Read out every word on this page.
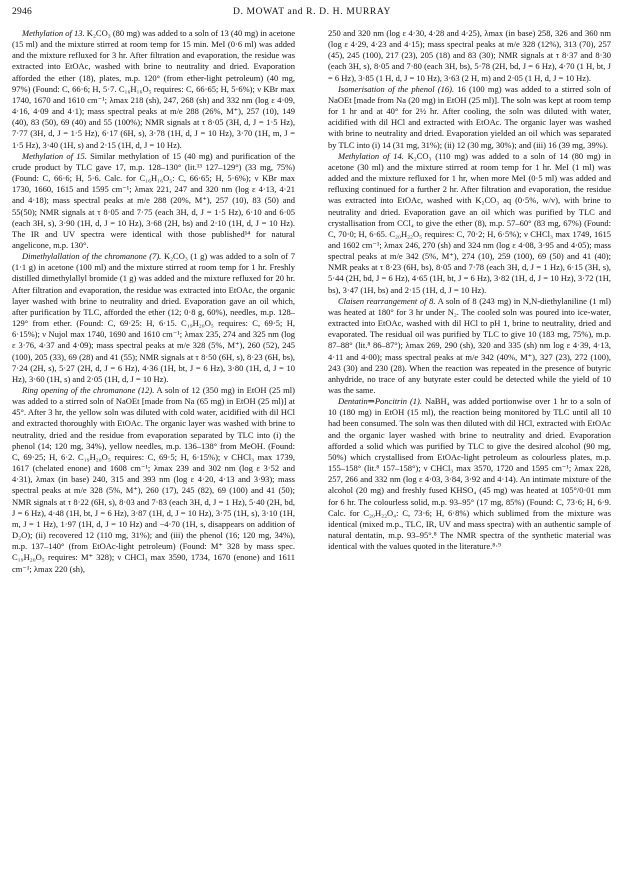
2946	D. MOWAT and R. D. H. MURRAY

Methylation of 13. K₂CO₃ (80 mg) was added to a soln of 13 (40 mg) in acetone (15 ml) and the mixture stirred at room temp for 15 min. MeI (0·6 ml) was added and the mixture refluxed for 3 hr. After filtration and evaporation, the residue was extracted into EtOAc, washed with brine to neutrality and dried. Evaporation afforded the ether (18), plates, m.p. 120° (from ether-light petroleum) (40 mg, 97%) (Found: C, 66·6; H, 5·7. C₁₆H₁₆O₅ requires: C, 66·65; H, 5·6%); ν KBr max 1740, 1670 and 1610 cm⁻¹; λmax 218 (sh), 247, 268 (sh) and 332 nm (log ε 4·09, 4·16, 4·09 and 4·1); mass spectral peaks at m/e 288 (26%, M⁺), 257 (10), 149 (40), 83 (50), 69 (40) and 55 (100%); NMR signals at τ 8·05 (3H, d, J = 1·5 Hz), 7·77 (3H, d, J = 1·5 Hz), 6·17 (6H, s), 3·78 (1H, d, J = 10 Hz), 3·70 (1H, m, J = 1·5 Hz), 3·40 (1H, s) and 2·15 (1H, d, J = 10 Hz).

Methylation of 15. Similar methylation of 15 (40 mg) and purification of the crude product by TLC gave 17, m.p. 128–130° (lit.¹³ 127–129°) (33 mg, 75%) (Found: C, 66·6; H, 5·6. Calc. for C₁₆H₁₆O₅: C, 66·65; H, 5·6%); ν KBr max 1730, 1660, 1615 and 1595 cm⁻¹; λmax 221, 247 and 320 nm (log ε 4·13, 4·21 and 4·18); mass spectral peaks at m/e 288 (20%, M⁺), 257 (10), 83 (50) and 55(50); NMR signals at τ 8·05 and 7·75 (each 3H, d, J = 1·5 Hz), 6·10 and 6·05 (each 3H, s), 3·90 (1H, d, J = 10 Hz), 3·68 (2H, bs) and 2·10 (1H, d, J = 10 Hz). The IR and UV spectra were identical with those published¹⁴ for natural angelicone, m.p. 130°.

Dimethylallation of the chromanone (7). K₂CO₃ (1 g) was added to a soln of 7 (1·1 g) in acetone (100 ml) and the mixture stirred at room temp for 1 hr. Freshly distilled dimethylallyl bromide (1 g) was added and the mixture refluxed for 20 hr. After filtration and evaporation, the residue was extracted into EtOAc, the organic layer washed with brine to neutrality and dried. Evaporation gave an oil which, after purification by TLC, afforded the ether (12; 0·8 g, 60%), needles, m.p. 128–129° from ether. (Found: C, 69·25: H, 6·15. C₁₉H₂₀O₅ requires: C, 69·5; H, 6·15%); ν Nujol max 1740, 1690 and 1610 cm⁻¹; λmax 235, 274 and 325 nm (log ε 3·76, 4·37 and 4·09); mass spectral peaks at m/e 328 (5%, M⁺), 260 (52), 245 (100), 205 (33), 69 (28) and 41 (55); NMR signals at τ 8·50 (6H, s), 8·23 (6H, bs), 7·24 (2H, s), 5·27 (2H, d, J = 6 Hz), 4·36 (1H, bt, J = 6 Hz), 3·80 (1H, d, J = 10 Hz), 3·60 (1H, s) and 2·05 (1H, d, J = 10 Hz).

Ring opening of the chromanone (12). A soln of 12 (350 mg) in EtOH (25 ml) was added to a stirred soln of NaOEt [made from Na (65 mg) in EtOH (25 ml)] at 45°. After 3 hr, the yellow soln was diluted with cold water, acidified with dil HCl and extracted thoroughly with EtOAc. The organic layer was washed with brine to neutrality, dried and the residue from evaporation separated by TLC into (i) the phenol (14; 120 mg, 34%), yellow needles, m.p. 136–138° from MeOH. (Found: C, 69·25; H, 6·2. C₁₉H₂₀O₅ requires: C, 69·5; H, 6·15%); ν CHCl₃ max 1739, 1617 (chelated enone) and 1608 cm⁻¹; λmax 239 and 302 nm (log ε 3·52 and 4·31), λmax (in base) 240, 315 and 393 nm (log ε 4·20, 4·13 and 3·93); mass spectral peaks at m/e 328 (5%, M⁺), 260 (17), 245 (82), 69 (100) and 41 (50); NMR signals at τ 8·22 (6H, s), 8·03 and 7·83 (each 3H, d, J = 1 Hz), 5·40 (2H, bd, J = 6 Hz), 4·48 (1H, bt, J = 6 Hz), 3·87 (1H, d, J = 10 Hz), 3·75 (1H, s), 3·10 (1H, m, J = 1 Hz), 1·97 (1H, d, J = 10 Hz) and −4·70 (1H, s, disappears on addition of D₂O); (ii) recovered 12 (110 mg, 31%); and (iii) the phenol (16; 120 mg, 34%), m.p. 137–140° (from EtOAc-light petroleum) (Found: M⁺ 328 by mass spec. C₁₉H₂₀O₅ requires: M⁺ 328); ν CHCl₃ max 3590, 1734, 1670 (enone) and 1611 cm⁻¹; λmax 220 (sh),

250 and 320 nm (log ε 4·30, 4·28 and 4·25), λmax (in base) 258, 326 and 360 nm (log ε 4·29, 4·23 and 4·15); mass spectral peaks at m/e 328 (12%), 313 (70), 257 (45), 245 (100), 217 (23), 205 (18) and 83 (30); NMR signals at τ 8·37 and 8·30 (each 3H, s), 8·05 and 7·80 (each 3H, bs), 5·78 (2H, bd, J = 6 Hz), 4·70 (1 H, bt, J = 6 Hz), 3·85 (1 H, d, J = 10 Hz), 3·63 (2 H, m) and 2·05 (1 H, d, J = 10 Hz).

Isomerisation of the phenol (16). 16 (100 mg) was added to a stirred soln of NaOEt [made from Na (20 mg) in EtOH (25 ml)]. The soln was kept at room temp for 1 hr and at 40° for 2½ hr. After cooling, the soln was diluted with water, acidified with dil HCl and extracted with EtOAc. The organic layer was washed with brine to neutrality and dried. Evaporation yielded an oil which was separated by TLC into (i) 14 (31 mg, 31%); (ii) 12 (30 mg, 30%); and (iii) 16 (39 mg, 39%).

Methylation of 14. K₂CO₃ (110 mg) was added to a soln of 14 (80 mg) in acetone (30 ml) and the mixture stirred at room temp for 1 hr. MeI (1 ml) was added and the mixture refluxed for 1 hr, when more MeI (0·5 ml) was added and refluxing continued for a further 2 hr. After filtration and evaporation, the residue was extracted into EtOAc, washed with K₂CO₃ aq (0·5%, w/v), with brine to neutrality and dried. Evaporation gave an oil which was purified by TLC and crystallisation from CCl₄ to give the ether (8), m.p. 57–60° (83 mg, 67%) (Found: C, 70·0; H, 6·65. C₂₀H₂₂O₅ requires: C, 70·2; H, 6·5%); ν CHCl₃ max 1749, 1615 and 1602 cm⁻¹; λmax 246, 270 (sh) and 324 nm (log ε 4·08, 3·95 and 4·05); mass spectral peaks at m/e 342 (5%, M⁺), 274 (10), 259 (100), 69 (50) and 41 (40); NMR peaks at τ 8·23 (6H, bs), 8·05 and 7·78 (each 3H, d, J = 1 Hz), 6·15 (3H, s), 5·44 (2H, bd, J = 6 Hz), 4·65 (1H, bt, J = 6 Hz), 3·82 (1H, d, J = 10 Hz), 3·72 (1H, bs), 3·47 (1H, bs) and 2·15 (1H, d, J = 10 Hz).

Claisen rearrangement of 8. A soln of 8 (243 mg) in N,N-diethylaniline (1 ml) was heated at 180° for 3 hr under N₂. The cooled soln was poured into ice-water, extracted into EtOAc, washed with dil HCl to pH 1, brine to neutrality, dried and evaporated. The residual oil was purified by TLC to give 10 (183 mg, 75%), m.p. 87–88° (lit.⁸ 86–87°); λmax 269, 290 (sh), 320 and 335 (sh) nm log ε 4·39, 4·13, 4·11 and 4·00); mass spectral peaks at m/e 342 (40%, M⁺), 327 (23), 272 (100), 243 (30) and 230 (28). When the reaction was repeated in the presence of butyric anhydride, no trace of any butyrate ester could be detected while the yield of 10 was the same.

Dentatin⇒Poncitrin (1). NaBH₄ was added portionwise over 1 hr to a soln of 10 (180 mg) in EtOH (15 ml), the reaction being monitored by TLC until all 10 had been consumed. The soln was then diluted with dil HCl, extracted with EtOAc and the organic layer washed with brine to neutrality and dried. Evaporation afforded a solid which was purified by TLC to give the desired alcohol (90 mg, 50%) which crystallised from EtOAc-light petroleum as colourless plates, m.p. 155–158° (lit.⁸ 157–158°); ν CHCl₃ max 3570, 1720 and 1595 cm⁻¹; λmax 228, 257, 266 and 332 nm (log ε 4·03, 3·84, 3·92 and 4·14). An intimate mixture of the alcohol (20 mg) and freshly fused KHSO₄ (45 mg) was heated at 105°/0·01 mm for 6 hr. The colourless solid, m.p. 93–95° (17 mg, 85%) (Found: C, 73·6; H, 6·9. Calc. for C₂₀H₂₂O₄: C, 73·6; H, 6·8%) which sublimed from the mixture was identical (mixed m.p., TLC, IR, UV and mass spectra) with an authentic sample of natural dentatin, m.p. 93–95°.⁸ The NMR spectra of the synthetic material was identical with the values quoted in the literature.⁸·⁹
